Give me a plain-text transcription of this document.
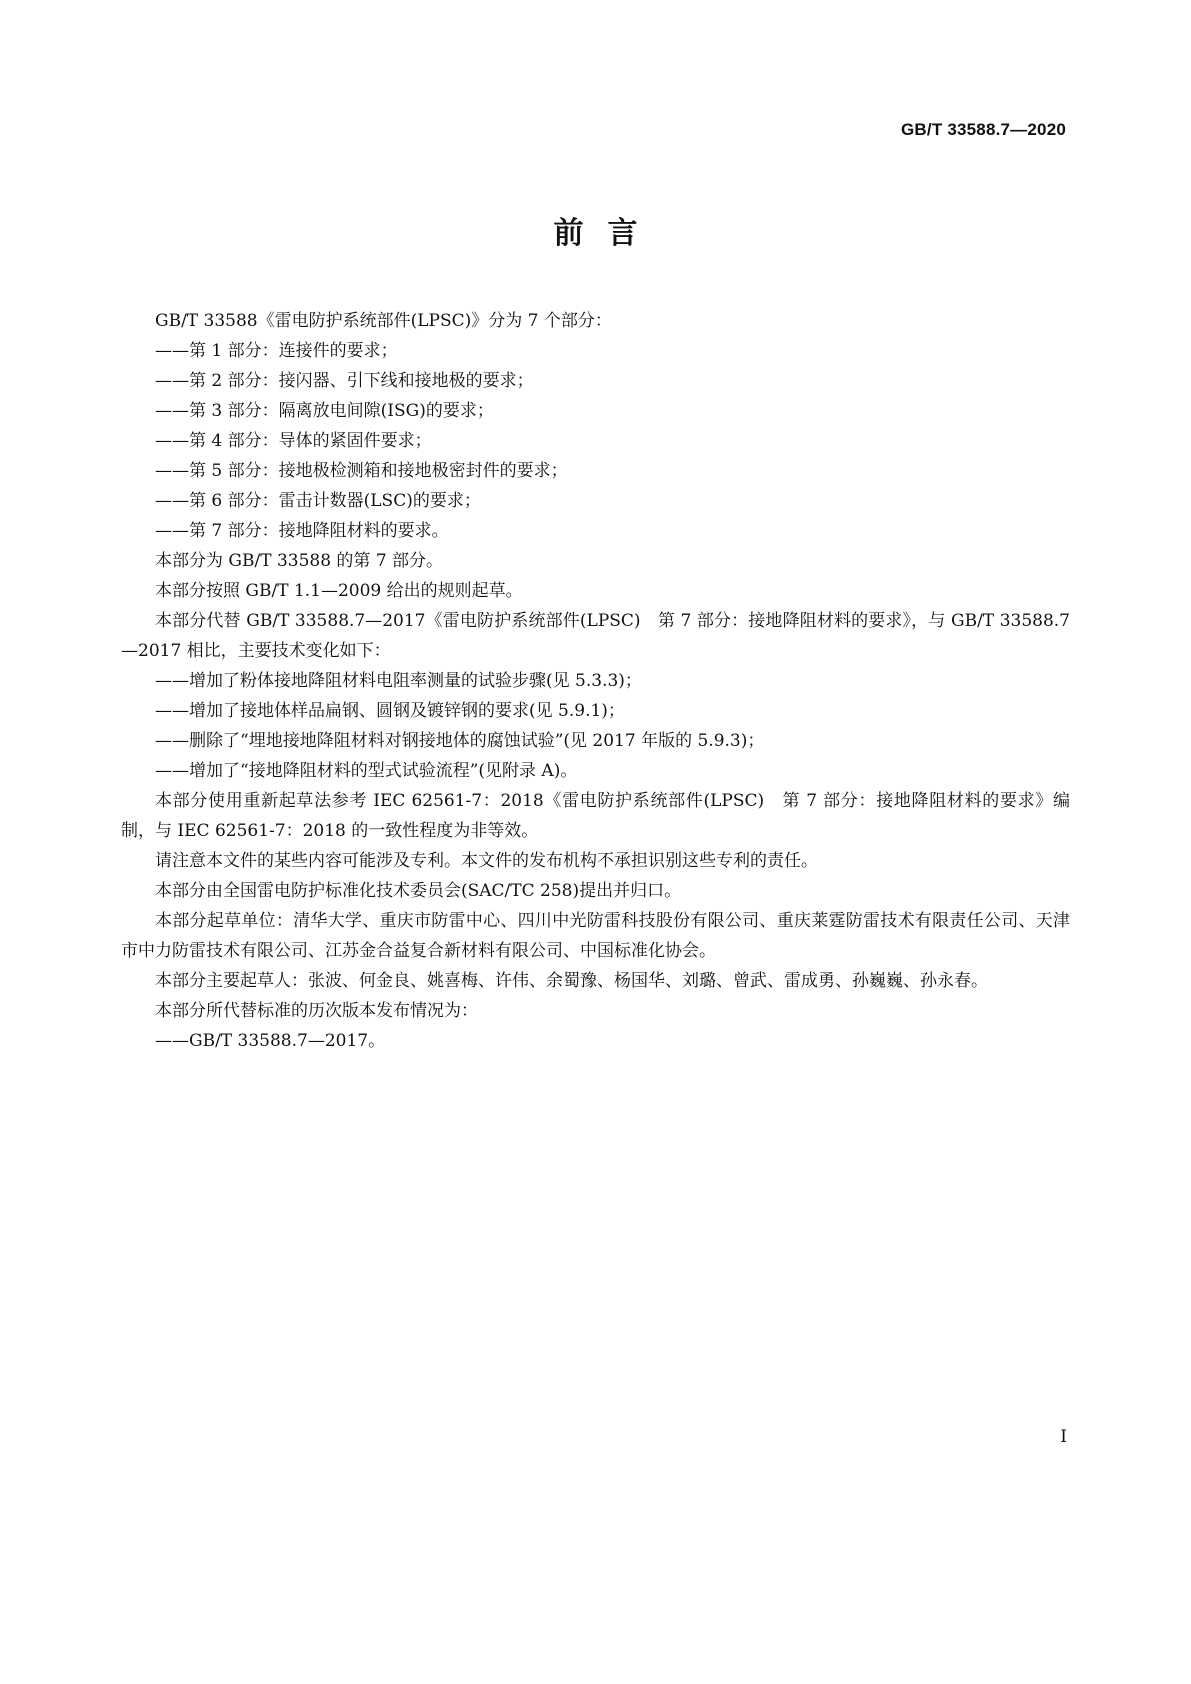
GB/T 33588.7—2020
前言

GB/T 33588《雷电防护系统部件(LPSC)》分为 7 个部分：

——第 1 部分：连接件的要求；

——第 2 部分：接闪器、引下线和接地极的要求；

——第 3 部分：隔离放电间隙(ISG)的要求；

——第 4 部分：导体的紧固件要求；

——第 5 部分：接地极检测箱和接地极密封件的要求；

——第 6 部分：雷击计数器(LSC)的要求；

——第 7 部分：接地降阻材料的要求。

本部分为 GB/T 33588 的第 7 部分。

本部分按照 GB/T 1.1—2009 给出的规则起草。

本部分代替 GB/T 33588.7—2017《雷电防护系统部件(LPSC)　第 7 部分：接地降阻材料的要求》，与 GB/T 33588.7—2017 相比，主要技术变化如下：

——增加了粉体接地降阻材料电阻率测量的试验步骤(见 5.3.3)；

——增加了接地体样品扁钢、圆钢及镀锌钢的要求(见 5.9.1)；

——删除了“埋地接地降阻材料对钢接地体的腐蚀试验”(见 2017 年版的 5.9.3)；

——增加了“接地降阻材料的型式试验流程”(见附录 A)。

本部分使用重新起草法参考 IEC 62561-7：2018《雷电防护系统部件(LPSC)　第 7 部分：接地降阻材料的要求》编制，与 IEC 62561-7：2018 的一致性程度为非等效。

请注意本文件的某些内容可能涉及专利。本文件的发布机构不承担识别这些专利的责任。

本部分由全国雷电防护标准化技术委员会(SAC/TC 258)提出并归口。

本部分起草单位：清华大学、重庆市防雷中心、四川中光防雷科技股份有限公司、重庆莱霆防雷技术有限责任公司、天津市中力防雷技术有限公司、江苏金合益复合新材料有限公司、中国标准化协会。

本部分主要起草人：张波、何金良、姚喜梅、许伟、余蜀豫、杨国华、刘璐、曾武、雷成勇、孙巍巍、孙永春。

本部分所代替标准的历次版本发布情况为：

——GB/T 33588.7—2017。

I
